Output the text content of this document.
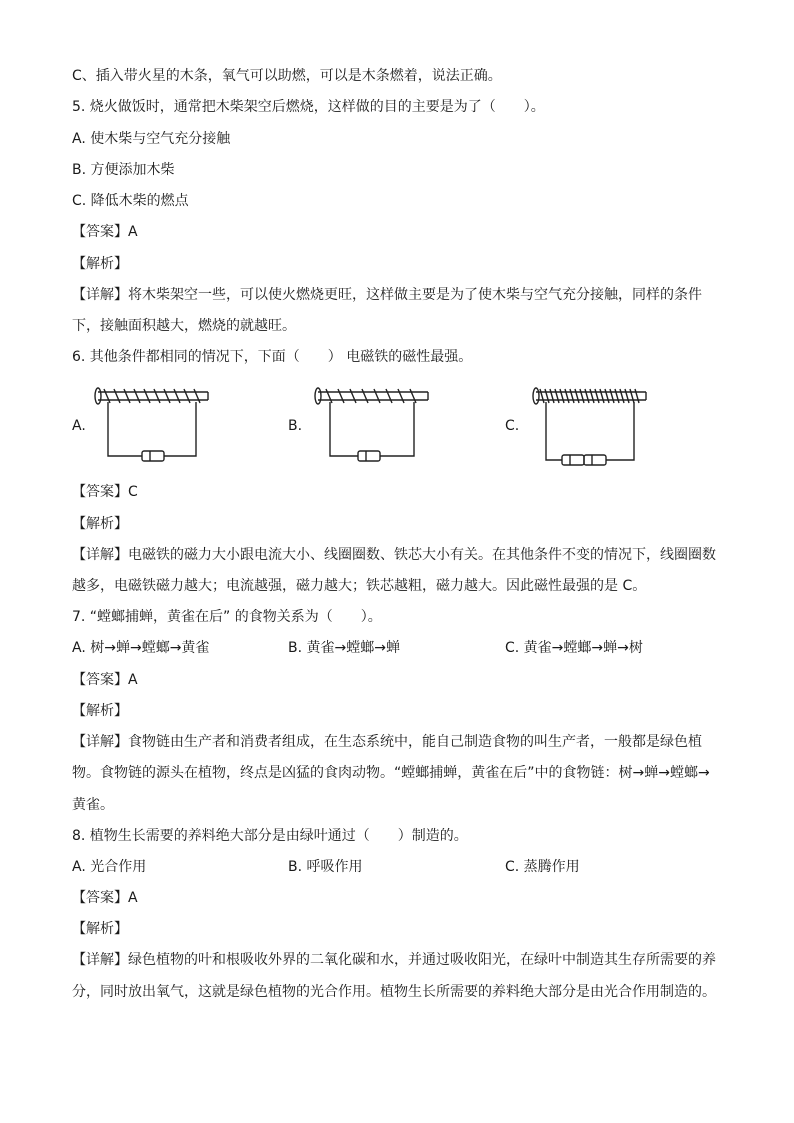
C、插入带火星的木条，氧气可以助燃，可以是木条燃着，说法正确。
5. 烧火做饭时，通常把木柴架空后燃烧，这样做的目的主要是为了（　　）。
A. 使木柴与空气充分接触
B. 方便添加木柴
C. 降低木柴的燃点
【答案】A
【解析】
【详解】将木柴架空一些，可以使火燃烧更旺，这样做主要是为了使木柴与空气充分接触，同样的条件
下，接触面积越大，燃烧的就越旺。
6. 其他条件都相同的情况下，下面（　　） 电磁铁的磁性最强。
A.	B.	C.
【答案】C
【解析】
【详解】电磁铁的磁力大小跟电流大小、线圈圈数、铁芯大小有关。在其他条件不变的情况下，线圈圈数
越多，电磁铁磁力越大；电流越强，磁力越大；铁芯越粗，磁力越大。因此磁性最强的是 C。
7. “螳螂捕蝉，黄雀在后” 的食物关系为（　　）。
A. 树→蝉→螳螂→黄雀	B. 黄雀→螳螂→蝉	C. 黄雀→螳螂→蝉→树
【答案】A
【解析】
【详解】食物链由生产者和消费者组成，在生态系统中，能自己制造食物的叫生产者，一般都是绿色植
物。食物链的源头在植物，终点是凶猛的食肉动物。“螳螂捕蝉，黄雀在后”中的食物链：树→蝉→螳螂→
黄雀。
8. 植物生长需要的养料绝大部分是由绿叶通过（　　）制造的。
A. 光合作用	B. 呼吸作用	C. 蒸腾作用
【答案】A
【解析】
【详解】绿色植物的叶和根吸收外界的二氧化碳和水，并通过吸收阳光，在绿叶中制造其生存所需要的养
分，同时放出氧气，这就是绿色植物的光合作用。植物生长所需要的养料绝大部分是由光合作用制造的。
